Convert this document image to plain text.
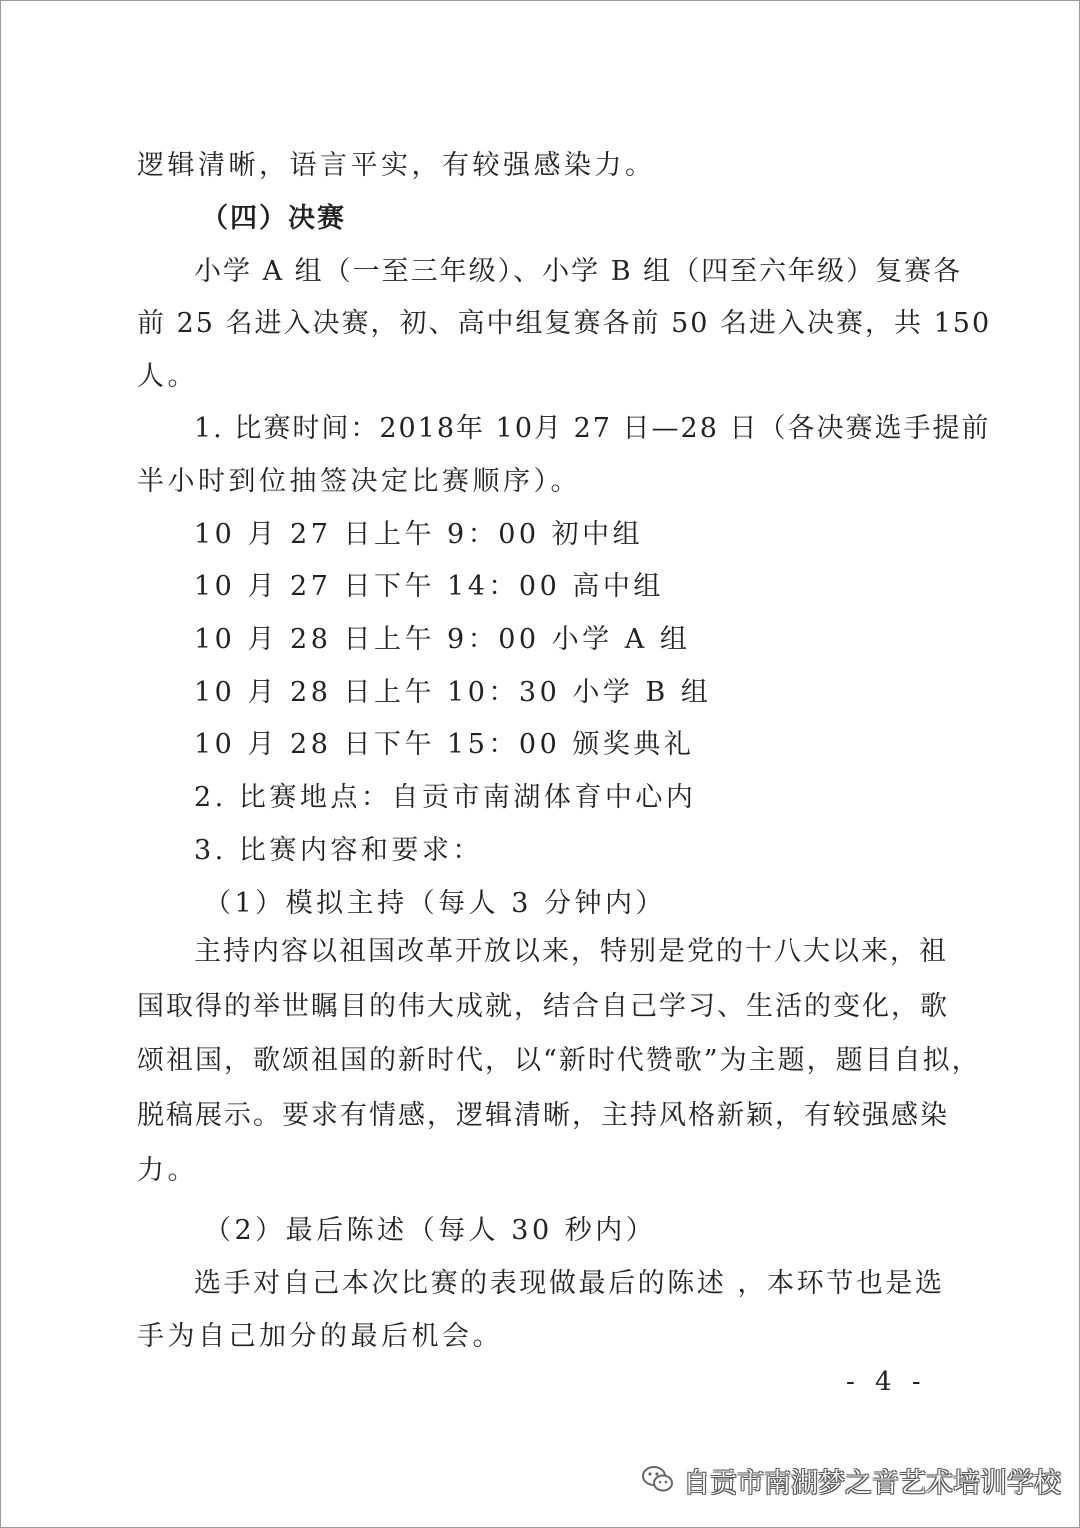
逻辑清晰，语言平实，有较强感染力。
（四）决赛
小学 A 组（一至三年级）、小学 B 组（四至六年级）复赛各
前 25 名进入决赛，初、高中组复赛各前 50 名进入决赛，共 150
人。
1. 比赛时间：2018年 10月 27 日—28 日（各决赛选手提前
半小时到位抽签决定比赛顺序）。
10 月 27 日上午 9：00 初中组
10 月 27 日下午 14：00 高中组
10 月 28 日上午 9：00 小学 A 组
10 月 28 日上午 10：30 小学 B 组
10 月 28 日下午 15：00 颁奖典礼
2. 比赛地点：自贡市南湖体育中心内
3. 比赛内容和要求：
（1）模拟主持（每人 3 分钟内）
主持内容以祖国改革开放以来，特别是党的十八大以来，祖
国取得的举世瞩目的伟大成就，结合自己学习、生活的变化，歌
颂祖国，歌颂祖国的新时代，以“新时代赞歌”为主题，题目自拟，
脱稿展示。要求有情感，逻辑清晰，主持风格新颖，有较强感染
力。
（2）最后陈述（每人 30 秒内）
选手对自己本次比赛的表现做最后的陈述 ，本环节也是选
手为自己加分的最后机会。
- 4 -
自贡市南湖梦之音艺术培训学校
